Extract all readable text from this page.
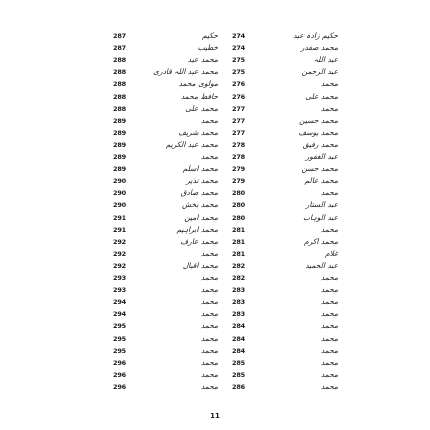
287	حکیم 274	حکیم زادہ عبد
287	خطیب 274	محمد صفدر
288	محمد عبد 275	عبد اللہ
288	محمد عبد اللہ قادری 275	عبد الرحمن
288	مولوی محمد 276	محمد
288	حافظ محمد 276	محمد علی
288	محمد علی 277	محمد
289	محمد 277	محمد حسین
289	محمد شریف 277	محمد یوسف
289	محمد عبد الکریم 278	محمد رفیق
289	محمد 278	عبد الغفور
289	محمد اسلم 279	محمد حسن
290	محمد نذیر 279	محمد عالم
290	محمد صادق 280	محمد
290	محمد بخش 280	عبد الستار
291	محمد امین 280	عبد الوہاب
291	محمد ابراہیم 281	محمد
292	محمد عارف 281	محمد اکرم
292	محمد 281	غلام
292	محمد اقبال 282	عبد الحمید
293	محمد 282	محمد
293	محمد 283	محمد
294	محمد 283	محمد
294	محمد 283	محمد
295	محمد 284	محمد
295	محمد 284	محمد
295	محمد 284	محمد
296	محمد 285	محمد
296	محمد 285	محمد
296	محمد 286	محمد
11
